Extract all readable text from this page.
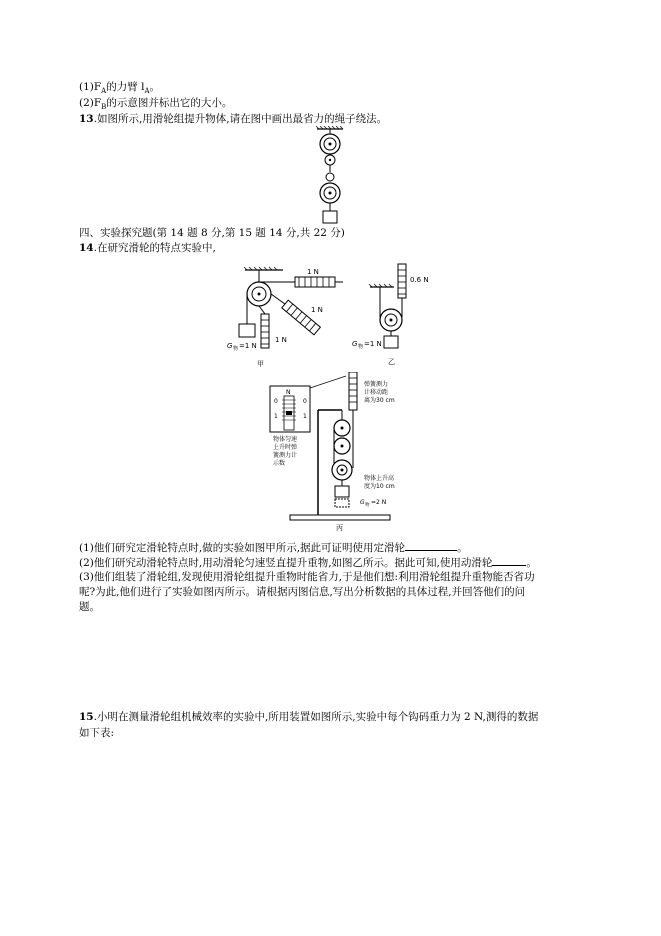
$(1)F_A$的力臂 $l_A$。
$(2)F_B$的示意图并标出它的大小。
13.如图所示,用滑轮组提升物体,请在图中画出最省力的绳子绕法。
四、实验探究题(第 14 题 8 分,第 15 题 14 分,共 22 分)
14.在研究滑轮的特点实验中,
1 N
1 N
1 N
G 物 =1 N
甲
0.6 N
G 物 =1 N
乙
N
0	0
1	1
物体匀速
上升时弹
簧测力计
示数
弹簧测力
计移动距
离为30 cm
物体上升高
度为10 cm
G 物 =2 N
丙
(1)他们研究定滑轮特点时,做的实验如图甲所示,据此可证明使用定滑轮	。
(2)他们研究动滑轮特点时,用动滑轮匀速竖直提升重物,如图乙所示。据此可知,使用动滑轮	。
(3)他们组装了滑轮组,发现使用滑轮组提升重物时能省力,于是他们想:利用滑轮组提升重物能否省功
呢?为此,他们进行了实验如图丙所示。请根据丙图信息,写出分析数据的具体过程,并回答他们的问
题。
15.小明在测量滑轮组机械效率的实验中,所用装置如图所示,实验中每个钩码重力为 2 N,测得的数据
如下表:
